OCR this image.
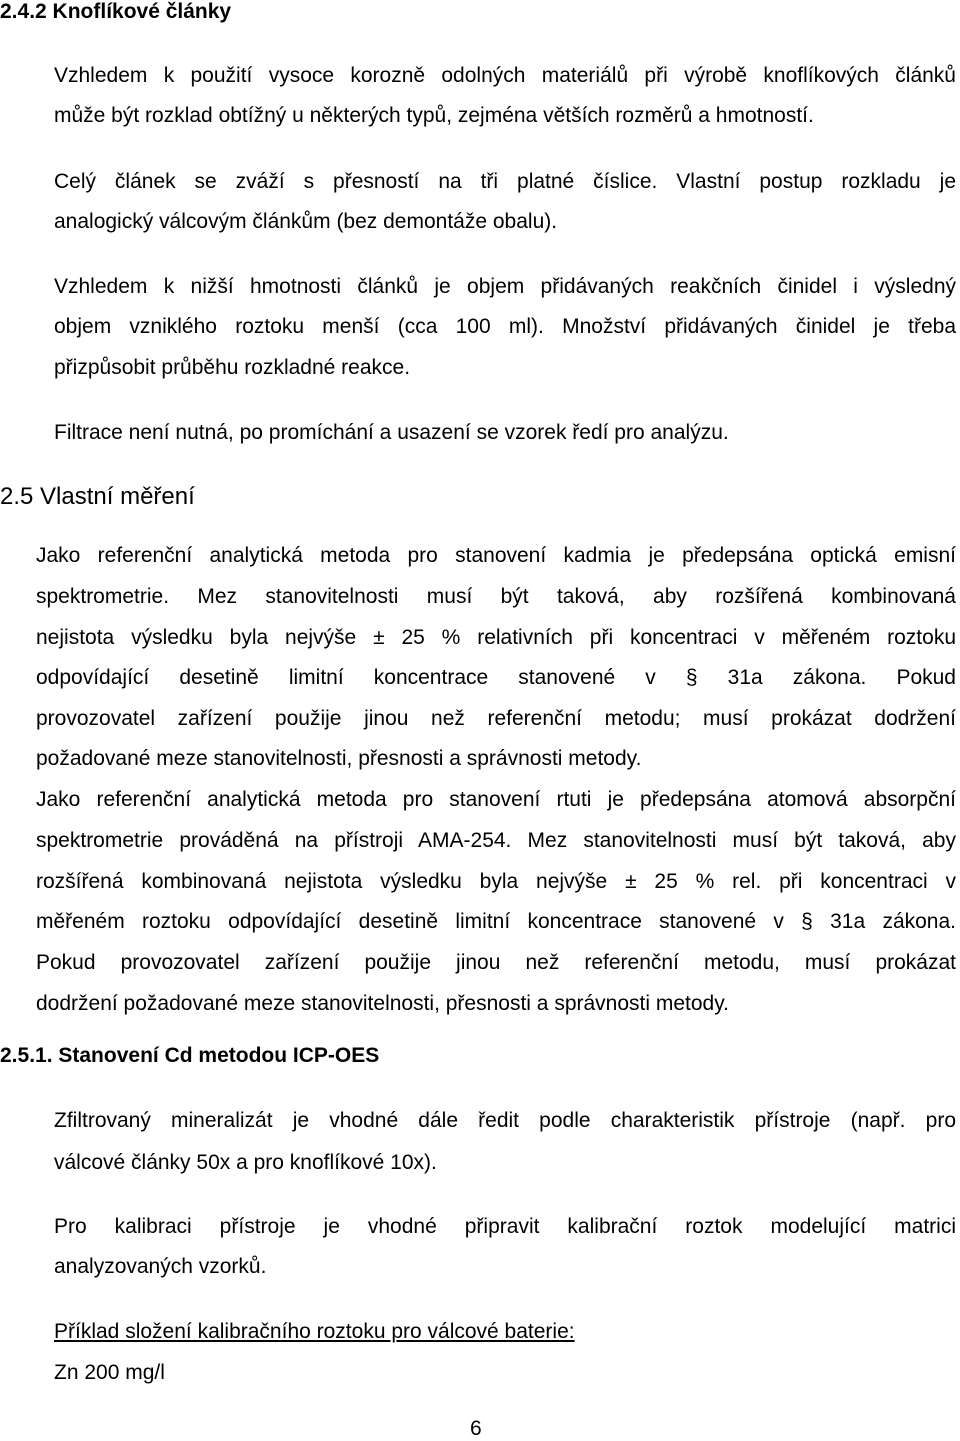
2.4.2 Knoflíkové články
Vzhledem k použití vysoce korozně odolných materiálů při výrobě knoflíkových článků
může být rozklad obtížný u některých typů, zejména větších rozměrů a hmotností.
Celý článek se zváží s přesností na tři platné číslice. Vlastní postup rozkladu je
analogický válcovým článkům (bez demontáže obalu).
Vzhledem k nižší hmotnosti článků je objem přidávaných reakčních činidel i výsledný
objem vzniklého roztoku menší (cca 100 ml). Množství přidávaných činidel je třeba
přizpůsobit průběhu rozkladné reakce.
Filtrace není nutná, po promíchání a usazení se vzorek ředí pro analýzu.
2.5 Vlastní měření
Jako referenční analytická metoda pro stanovení kadmia je předepsána optická emisní
spektrometrie. Mez stanovitelnosti musí být taková, aby rozšířená kombinovaná
nejistota výsledku byla nejvýše ± 25 % relativních při koncentraci v měřeném roztoku
odpovídající desetině limitní koncentrace stanovené v § 31a zákona. Pokud
provozovatel zařízení použije jinou než referenční metodu; musí prokázat dodržení
požadované meze stanovitelnosti, přesnosti a správnosti metody.
Jako referenční analytická metoda pro stanovení rtuti je předepsána atomová absorpční
spektrometrie prováděná na přístroji AMA-254. Mez stanovitelnosti musí být taková, aby
rozšířená kombinovaná nejistota výsledku byla nejvýše ± 25 % rel. při koncentraci v
měřeném roztoku odpovídající desetině limitní koncentrace stanovené v § 31a zákona.
Pokud provozovatel zařízení použije jinou než referenční metodu, musí prokázat
dodržení požadované meze stanovitelnosti, přesnosti a správnosti metody.
2.5.1. Stanovení Cd metodou ICP-OES
Zfiltrovaný mineralizát je vhodné dále ředit podle charakteristik přístroje (např. pro
válcové články 50x a pro knoflíkové 10x).
Pro kalibraci přístroje je vhodné připravit kalibrační roztok modelující matrici
analyzovaných vzorků.
Příklad složení kalibračního roztoku pro válcové baterie:
Zn 200 mg/l
6
